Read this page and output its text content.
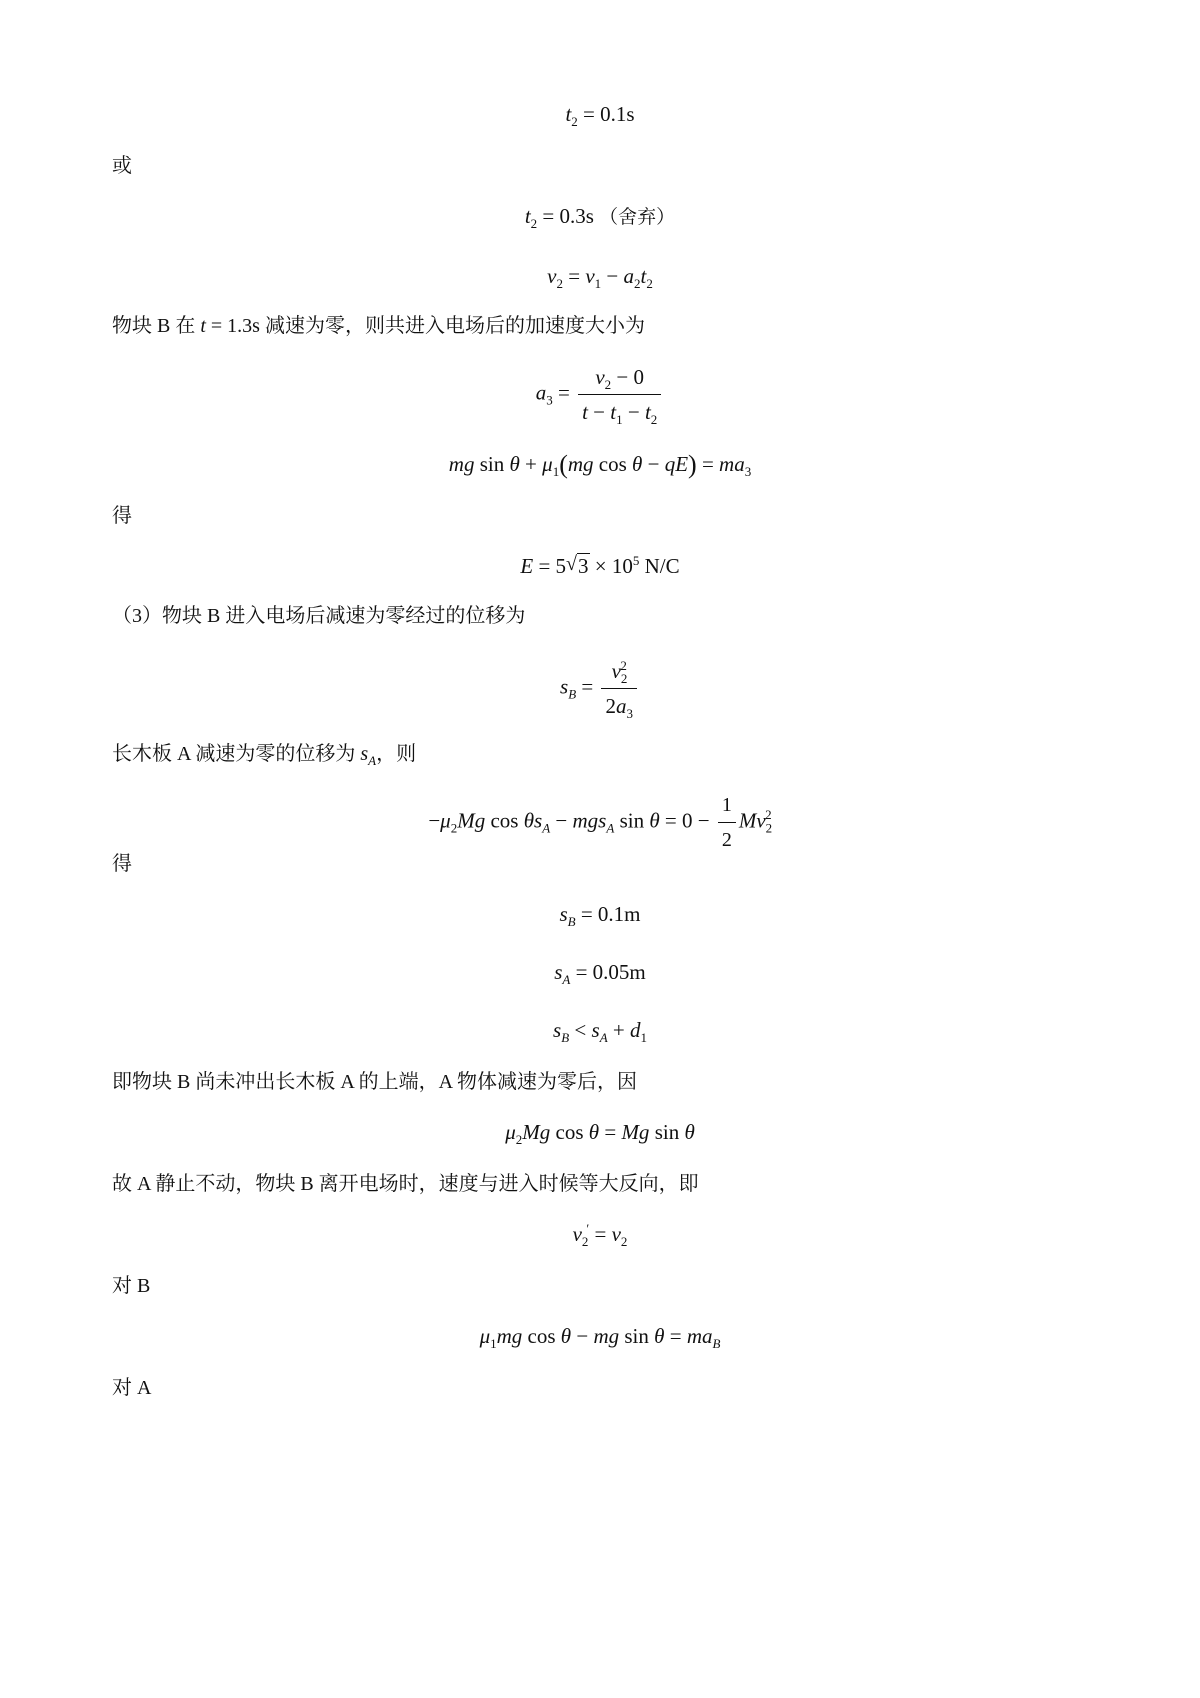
$t_2 = 0.1s$
或
$t_2 = 0.3s$ （舍弃）
$v_2 = v_1 - a_2t_2$
物块 B 在 t = 1.3s 减速为零，则共进入电场后的加速度大小为
$a_3 = \frac{v_2 - 0}{t - t_1 - t_2}$
mg $\sin \theta + \mu_1(mg$ $\cos \theta - qE) = ma_3$
得
E = 5 √ $3 \times 10^5$ N/C
（3）物块 B 进入电场后减速为零经过的位移为
$s_B = \frac{v_2^2}{2a_3}$
长木板 A 减速为零的位移为 $s_A$，则
$-\mu_2Mg$ $\cos \theta s_A - mgs_A$ $\sin \theta = 0 - \frac{1}{2} Mv_2^2$
得
$s_B = 0.1m$
$s_A = 0.05m$
$s_B < s_A + d_1$
即物块 B 尚未冲出长木板 A 的上端，A 物体减速为零后，因
$\mu_2Mg$ cos θ = Mg sin θ
故 A 静止不动，物块 B 离开电场时，速度与进入时候等大反向，即
$v_2' = v_2$
对 B
$\mu_1mg$ cos θ − mg $\sin \theta = ma_B$
对 A
